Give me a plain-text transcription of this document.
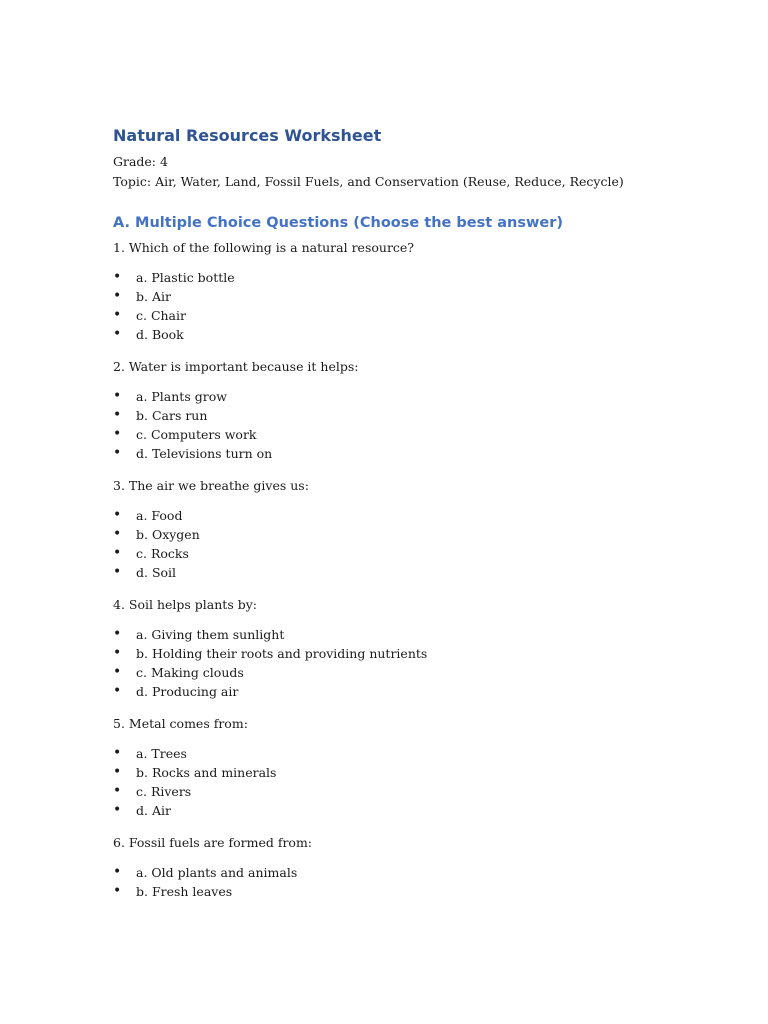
Natural Resources Worksheet

Grade: 4

Topic: Air, Water, Land, Fossil Fuels, and Conservation (Reuse, Reduce, Recycle)

A. Multiple Choice Questions (Choose the best answer)

1. Which of the following is a natural resource?

• a. Plastic bottle
• b. Air
• c. Chair
• d. Book

2. Water is important because it helps:

• a. Plants grow
• b. Cars run
• c. Computers work
• d. Televisions turn on

3. The air we breathe gives us:

• a. Food
• b. Oxygen
• c. Rocks
• d. Soil

4. Soil helps plants by:

• a. Giving them sunlight
• b. Holding their roots and providing nutrients
• c. Making clouds
• d. Producing air

5. Metal comes from:

• a. Trees
• b. Rocks and minerals
• c. Rivers
• d. Air

6. Fossil fuels are formed from:

• a. Old plants and animals
• b. Fresh leaves
